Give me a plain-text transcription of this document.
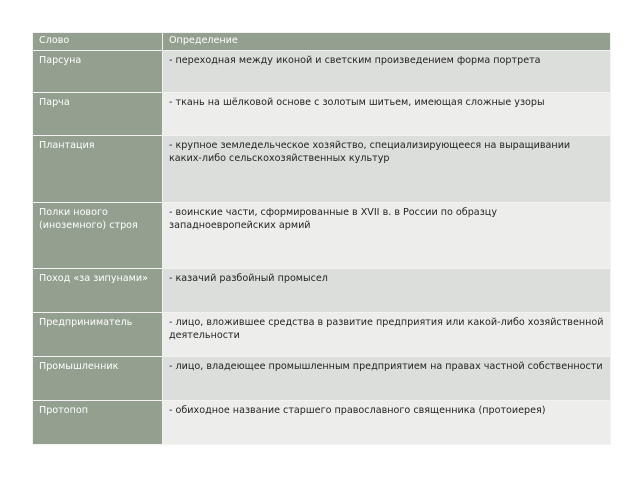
Слово	Определение
Парсуна	- переходная между иконой и светским произведением форма портрета
Парча	- ткань на шёлковой основе с золотым шитьем, имеющая сложные узоры
Плантация	- крупное земледельческое хозяйство, специализирующееся на выращивании каких-либо сельскохозяйственных культур
Полки нового (иноземного) строя	- воинские части, сформированные в XVII в. в России по образцу западноевропейских армий
Поход «за зипунами»	- казачий разбойный промысел
Предприниматель	- лицо, вложившее средства в развитие предприятия или какой-либо хозяйственной деятельности
Промышленник	- лицо, владеющее промышленным предприятием на правах частной собственности
Протопоп	- обиходное название старшего православного священника (протоиерея)
